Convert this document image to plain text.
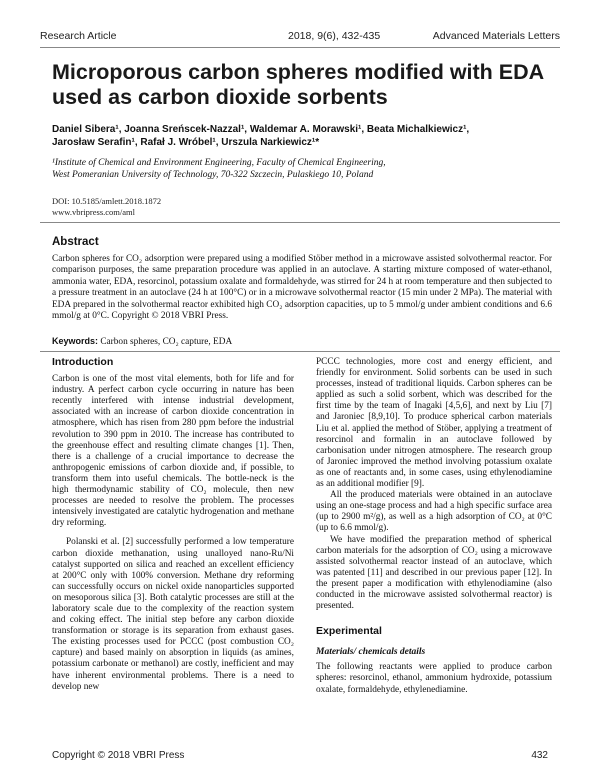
Research Article	2018, 9(6), 432-435	Advanced Materials Letters
Microporous carbon spheres modified with EDA used as carbon dioxide sorbents
Daniel Sibera¹, Joanna Sreńscek-Nazzal¹, Waldemar A. Morawski¹, Beata Michalkiewicz¹,
Jarosław Serafin¹, Rafał J. Wróbel¹, Urszula Narkiewicz¹*
¹Institute of Chemical and Environment Engineering, Faculty of Chemical Engineering,
West Pomeranian University of Technology, 70-322 Szczecin, Pulaskiego 10, Poland
DOI: 10.5185/amlett.2018.1872
www.vbripress.com/aml
Abstract
Carbon spheres for CO₂ adsorption were prepared using a modified Stöber method in a microwave assisted solvothermal reactor. For comparison purposes, the same preparation procedure was applied in an autoclave. A starting mixture composed of water-ethanol, ammonia water, EDA, resorcinol, potassium oxalate and formaldehyde, was stirred for 24 h at room temperature and then subjected to a pressure treatment in an autoclave (24 h at 100°C) or in a microwave solvothermal reactor (15 min under 2 MPa). The material with EDA prepared in the solvothermal reactor exhibited high CO₂ adsorption capacities, up to 5 mmol/g under ambient conditions and 6.6 mmol/g at 0°C. Copyright © 2018 VBRI Press.
Keywords: Carbon spheres, CO₂ capture, EDA
Introduction

Carbon is one of the most vital elements, both for life and for industry. A perfect carbon cycle occurring in nature has been recently interfered with intense industrial development, associated with an increase of carbon dioxide concentration in atmosphere, which has risen from 280 ppm before the industrial revolution to 390 ppm in 2010. The increase has contributed to the greenhouse effect and resulting climate changes [1]. Then, there is a challenge of a crucial importance to decrease the anthropogenic emissions of carbon dioxide and, if possible, to transform them into useful chemicals. The bottle-neck is the high thermodynamic stability of CO₂ molecule, then new processes are needed to resolve the problem. The processes intensively investigated are catalytic hydrogenation and methane dry reforming.

Polanski et al. [2] successfully performed a low temperature carbon dioxide methanation, using unalloyed nano-Ru/Ni catalyst supported on silica and reached an excellent efficiency at 200°C only with 100% conversion. Methane dry reforming can successfully occurs on nickel oxide nanoparticles supported on mesoporous silica [3]. Both catalytic processes are still at the laboratory scale due to the complexity of the reaction system and coking effect. The initial step before any carbon dioxide transformation or storage is its separation from exhaust gases. The existing processes used for PCCC (post combustion CO₂ capture) and based mainly on absorption in liquids (as amines, potassium carbonate or methanol) are costly, inefficient and may have inherent environmental problems. There is a need to develop new

PCCC technologies, more cost and energy efficient, and friendly for environment. Solid sorbents can be used in such processes, instead of traditional liquids. Carbon spheres can be applied as such a solid sorbent, which was described for the first time by the team of Inagaki [4,5,6], and next by Liu [7] and Jaroniec [8,9,10]. To produce spherical carbon materials Liu et al. applied the method of Stöber, applying a treatment of resorcinol and formalin in an autoclave followed by carbonisation under nitrogen atmosphere. The research group of Jaroniec improved the method involving potassium oxalate as one of reactants and, in some cases, using ethylenodiamine as an additional modifier [9].

All the produced materials were obtained in an autoclave using an one-stage process and had a high specific surface area (up to 2900 m²/g), as well as a high adsorption of CO₂ at 0°C (up to 6.6 mmol/g).

We have modified the preparation method of spherical carbon materials for the adsorption of CO₂ using a microwave assisted solvothermal reactor instead of an autoclave, which was patented [11] and described in our previous paper [12]. In the present paper a modification with ethylenodiamine (also conducted in the microwave assisted solvothermal reactor) is presented.

Experimental
Materials/ chemicals details

The following reactants were applied to produce carbon spheres: resorcinol, ethanol, ammonium hydroxide, potassium oxalate, formaldehyde, ethylenediamine.

Copyright © 2018 VBRI Press	432
